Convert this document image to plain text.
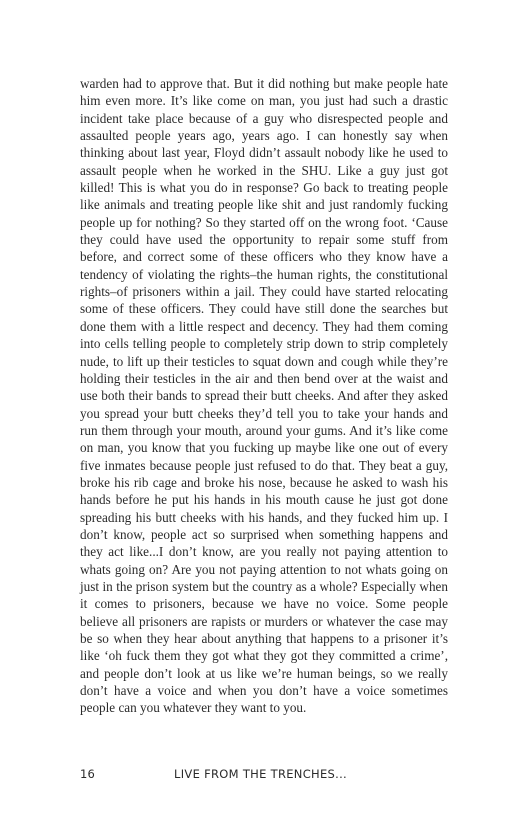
warden had to approve that. But it did nothing but make people hate him even more. It’s like come on man, you just had such a drastic incident take place because of a guy who disrespected people and assaulted people years ago, years ago. I can honestly say when thinking about last year, Floyd didn’t assault nobody like he used to assault people when he worked in the SHU. Like a guy just got killed! This is what you do in response? Go back to treating people like animals and treating people like shit and just randomly fucking people up for nothing? So they started off on the wrong foot. ‘Cause they could have used the opportunity to repair some stuff from before, and correct some of these officers who they know have a tendency of violating the rights–the human rights, the constitutional rights–of prisoners within a jail. They could have started relocating some of these officers. They could have still done the searches but done them with a little respect and decency. They had them coming into cells telling people to completely strip down to strip completely nude, to lift up their testicles to squat down and cough while they’re holding their testicles in the air and then bend over at the waist and use both their bands to spread their butt cheeks. And after they asked you spread your butt cheeks they’d tell you to take your hands and run them through your mouth, around your gums. And it’s like come on man, you know that you fucking up maybe like one out of every five inmates because people just refused to do that. They beat a guy, broke his rib cage and broke his nose, because he asked to wash his hands before he put his hands in his mouth cause he just got done spreading his butt cheeks with his hands, and they fucked him up. I don’t know, people act so surprised when something happens and they act like...I don’t know, are you really not paying attention to whats going on? Are you not paying attention to not whats going on just in the prison system but the country as a whole? Especially when it comes to prisoners, because we have no voice. Some people believe all prisoners are rapists or murders or whatever the case may be so when they hear about anything that happens to a prisoner it’s like ‘oh fuck them they got what they got they committed a crime’, and people don’t look at us like we’re human beings, so we really don’t have a voice and when you don’t have a voice sometimes people can you whatever they want to you.

16	LIVE FROM THE TRENCHES...
